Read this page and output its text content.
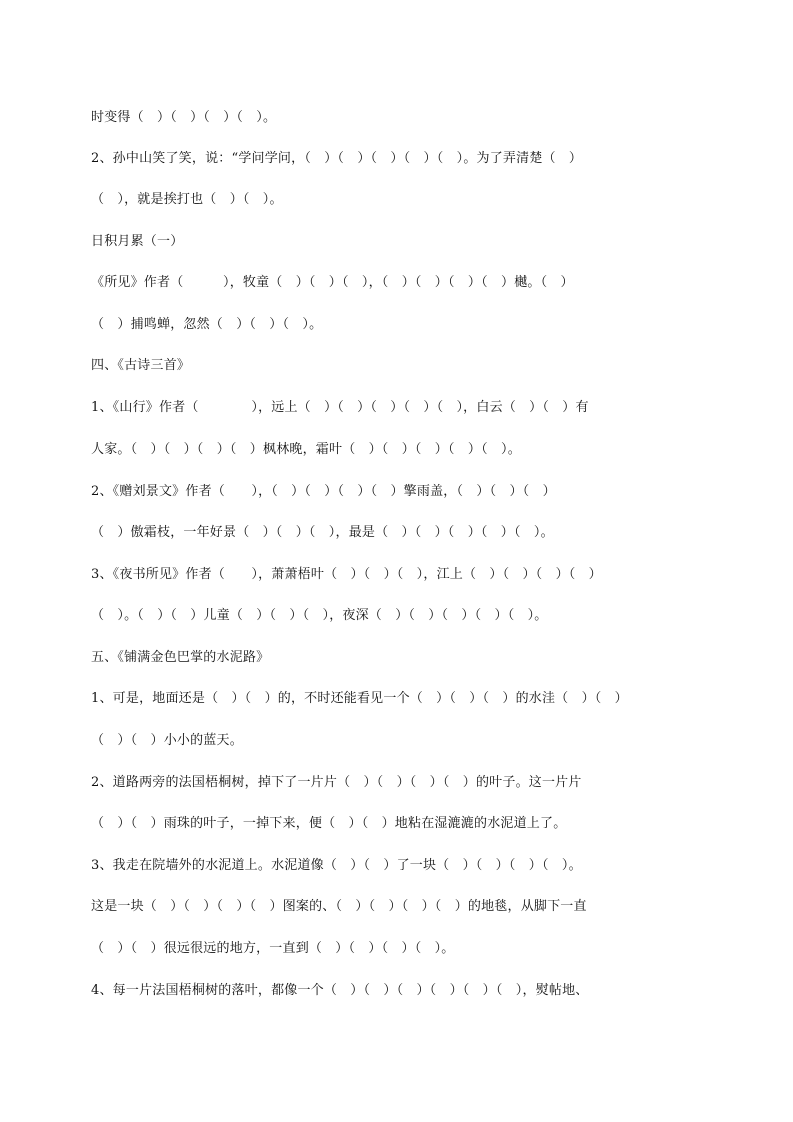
时变得（　）（　）（　）（　）。
2、孙中山笑了笑，说：“学问学问，（　）（　）（　）（　）（　）。为了弄清楚（　）
（　），就是挨打也（　）（　）。
日积月累（一）
《所见》作者（　　　），牧童（　）（　）（　），（　）（　）（　）（　）樾。（　）
（　）捕鸣蝉，忽然（　）（　）（　）。
四、《古诗三首》
1、《山行》作者（　　　　），远上（　）（　）（　）（　）（　），白云（　）（　）有
人家。（　）（　）（　）（　）枫林晚，霜叶（　）（　）（　）（　）（　）。
2、《赠刘景文》作者（　　），（　）（　）（　）（　）擎雨盖，（　）（　）（　）
（　）傲霜枝，一年好景（　）（　）（　），最是（　）（　）（　）（　）（　）。
3、《夜书所见》作者（　　），萧萧梧叶（　）（　）（　），江上（　）（　）（　）（　）
（　）。（　）（　）儿童（　）（　）（　），夜深（　）（　）（　）（　）（　）。
五、《铺满金色巴掌的水泥路》
1、可是，地面还是（　）（　）的，不时还能看见一个（　）（　）（　）的水洼（　）（　）
（　）（　）小小的蓝天。
2、道路两旁的法国梧桐树，掉下了一片片（　）（　）（　）（　）的叶子。这一片片
（　）（　）雨珠的叶子，一掉下来，便（　）（　）地粘在湿漉漉的水泥道上了。
3、我走在院墙外的水泥道上。水泥道像（　）（　）了一块（　）（　）（　）（　）。
这是一块（　）（　）（　）（　）图案的、（　）（　）（　）（　）的地毯，从脚下一直
（　）（　）很远很远的地方，一直到（　）（　）（　）（　）。
4、每一片法国梧桐树的落叶，都像一个（　）（　）（　）（　）（　）（　），熨帖地、
